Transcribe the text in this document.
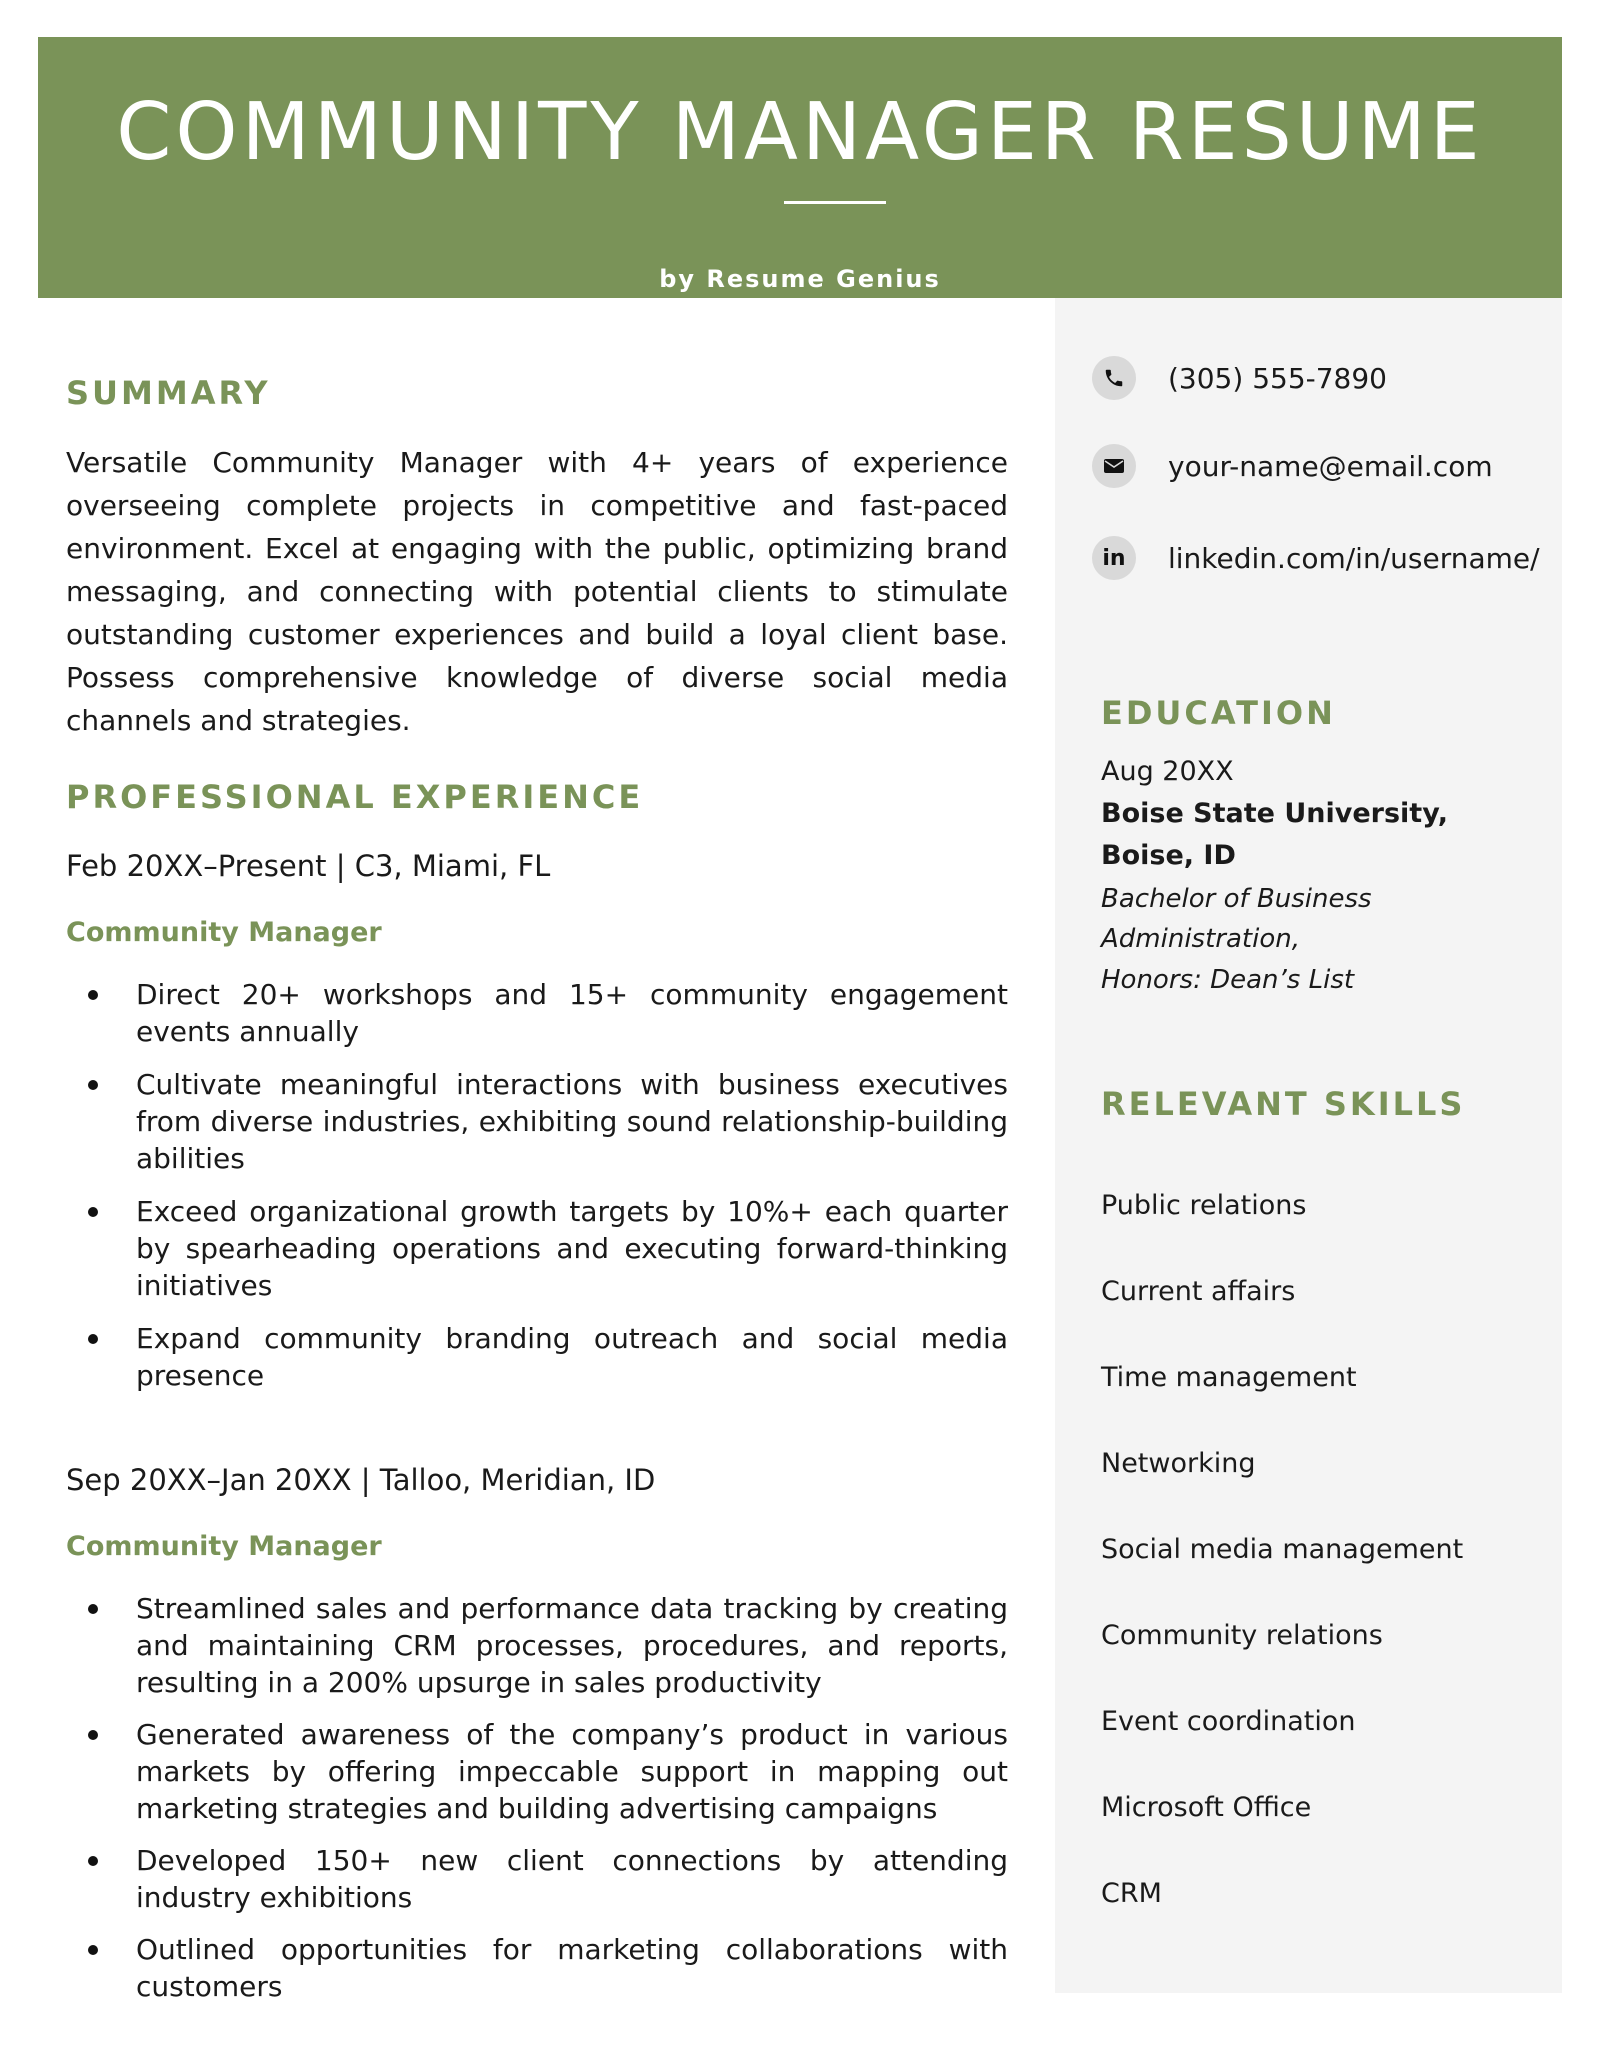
COMMUNITY MANAGER RESUME
by Resume Genius
SUMMARY

Versatile Community Manager with 4+ years of experience overseeing complete projects in competitive and fast-paced environment. Excel at engaging with the public, optimizing brand messaging, and connecting with potential clients to stimulate outstanding customer experiences and build a loyal client base. Possess comprehensive knowledge of diverse social media channels and strategies.

PROFESSIONAL EXPERIENCE
Feb 20XX–Present | C3, Miami, FL
Community Manager
Direct 20+ workshops and 15+ community engagement events annually
Cultivate meaningful interactions with business executives from diverse industries, exhibiting sound relationship-building abilities
Exceed organizational growth targets by 10%+ each quarter by spearheading operations and executing forward-thinking initiatives
Expand community branding outreach and social media presence
Sep 20XX–Jan 20XX | Talloo, Meridian, ID
Community Manager
Streamlined sales and performance data tracking by creating and maintaining CRM processes, procedures, and reports, resulting in a 200% upsurge in sales productivity
Generated awareness of the company’s product in various markets by offering impeccable support in mapping out marketing strategies and building advertising campaigns
Developed 150+ new client connections by attending industry exhibitions
Outlined opportunities for marketing collaborations with customers
(305) 555-7890
your-name@email.com
in linkedin.com/in/username/
EDUCATION
Aug 20XX
Boise State University,
Boise, ID
Bachelor of Business
Administration,
Honors: Dean’s List
RELEVANT SKILLS
Public relations
Current affairs
Time management
Networking
Social media management
Community relations
Event coordination
Microsoft Office
CRM
